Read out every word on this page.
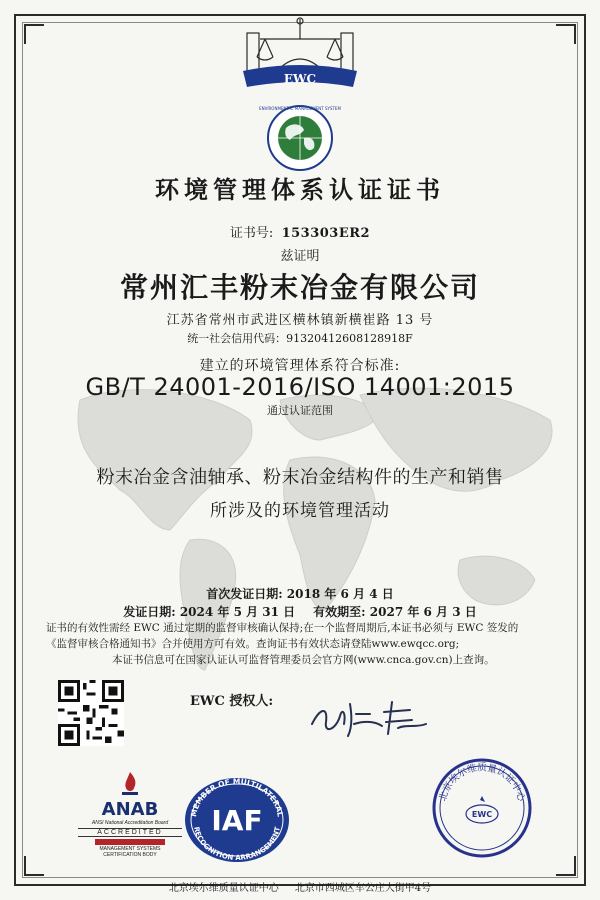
EWC
ENVIRONMENTAL MANAGEMENT SYSTEM
环境管理体系认证证书
证书号: 153303ER2
兹证明
常州汇丰粉末冶金有限公司
江苏省常州市武进区横林镇新横崔路 13 号
统一社会信用代码：91320412608128918F
建立的环境管理体系符合标准:
GB/T 24001-2016/ISO 14001:2015
通过认证范围
粉末冶金含油轴承、粉末冶金结构件的生产和销售
所涉及的环境管理活动
首次发证日期: 2018 年 6 月 4 日
发证日期: 2024 年 5 月 31 日 有效期至: 2027 年 6 月 3 日
证书的有效性需经 EWC 通过定期的监督审核确认保持;在一个监督周期后,本证书必须与 EWC 签发的
《监督审核合格通知书》合并使用方可有效。查询证书有效状态请登陆www.ewqcc.org;
本证书信息可在国家认证认可监督管理委员会官方网(www.cnca.gov.cn)上查询。
EWC 授权人:
ANAB
ANSI National Accreditation Board
ACCREDITED
MANAGEMENT SYSTEMS
CERTIFICATION BODY
MEMBER OF MULTILATERAL
IAF
RECOGNITION ARRANGEMENT
北京埃尔维质量认证中心
EWC
北京埃尔维质量认证中心 北京市西城区车公庄大街甲4号
